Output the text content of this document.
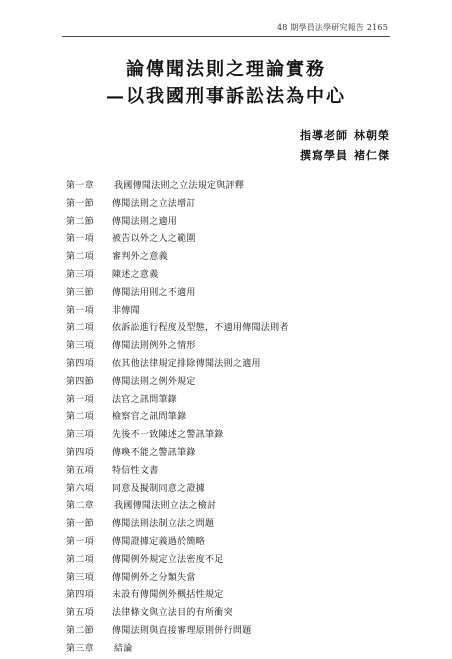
48 期學員法學研究報告 2165
論傳聞法則之理論實務
—以我國刑事訴訟法為中心
指導老師 林朝榮
撰寫學員 褚仁傑
第一章	我國傳聞法則之立法規定與評釋
第一節	傳聞法則之立法增訂
第二節	傳聞法則之適用
第一項	被告以外之人之範圍
第二項	審判外之意義
第三項	陳述之意義
第三節	傳聞法用則之不適用
第一項	非傳聞
第二項	依訴訟進行程度及型態，不適用傳聞法則者
第三項	傳聞法則例外之情形
第四項	依其他法律規定排除傳聞法則之適用
第四節	傳聞法則之例外規定
第一項	法官之訊問筆錄
第二項	檢察官之訊問筆錄
第三項	先後不一致陳述之警訊筆錄
第四項	傳喚不能之警訊筆錄
第五項	特信性文書
第六項	同意及擬制同意之證據
第二章	我國傳聞法則立法之檢討
第一節	傳聞法則法制立法之問題
第一項	傳聞證據定義過於簡略
第二項	傳聞例外規定立法密度不足
第三項	傳聞例外之分類失當
第四項	未設有傳聞例外概括性規定
第五項	法律條文與立法目的有所衝突
第二節	傳聞法則與直接審理原則併行問題
第三章	結論
